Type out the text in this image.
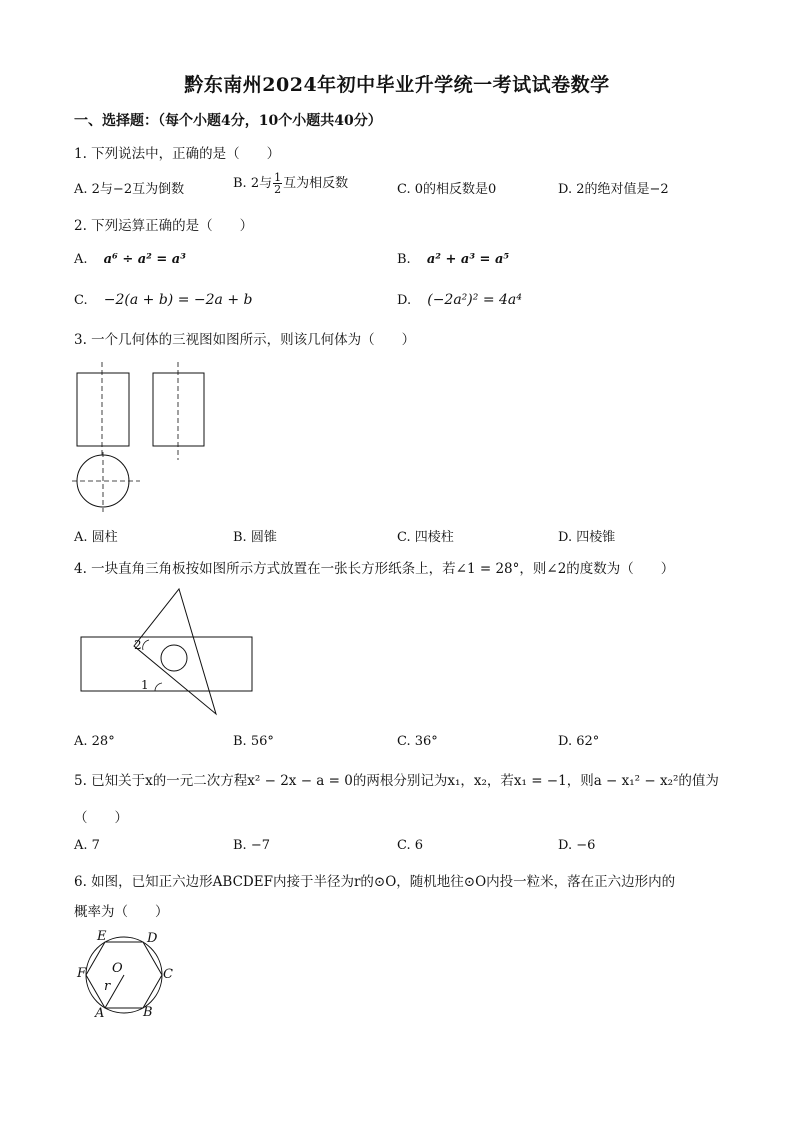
黔东南州2024年初中毕业升学统一考试试卷数学
一、选择题：（每个小题4分，10个小题共40分）
1. 下列说法中，正确的是（　　）
A. 2与−2互为倒数	B. 2与 $\frac{1}{2}$ 互为相反数	C. 0的相反数是0	D. 2的绝对值是−2
2. 下列运算正确的是（　　）
A. a⁶ ÷ a² = a³	B. a² + a³ = a⁵
C. −2(a + b) = −2a + b	D. (−2a²)² = 4a⁴
3. 一个几何体的三视图如图所示，则该几何体为（　　）
A. 圆柱	B. 圆锥	C. 四棱柱	D. 四棱锥
4. 一块直角三角板按如图所示方式放置在一张长方形纸条上，若∠1 = 28°，则∠2的度数为（　　）
2
1
A. 28°	B. 56°	C. 36°	D. 62°
5. 已知关于x的一元二次方程x² − 2x − a = 0的两根分别记为x₁，x₂，若x₁ = −1，则a − x₁² − x₂²的值为
（　　）
A. 7	B. −7	C. 6	D. −6
6. 如图，已知正六边形ABCDEF内接于半径为r的⊙O，随机地往⊙O内投一粒米，落在正六边形内的
概率为（　　）
E	D
F	C
O
r
A	B
